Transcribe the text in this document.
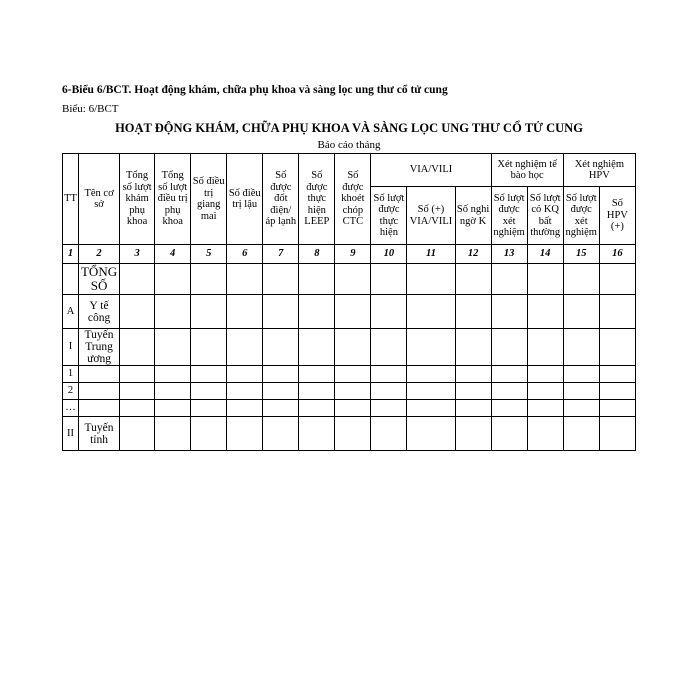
6-Biểu 6/BCT. Hoạt động khám, chữa phụ khoa và sàng lọc ung thư cổ tử cung
Biểu: 6/BCT
HOẠT ĐỘNG KHÁM, CHỮA PHỤ KHOA VÀ SÀNG LỌC UNG THƯ CỔ TỬ CUNG
Báo cáo tháng
TT	Tên cơ sở	Tổng số lượt khám phụ khoa	Tổng số lượt điều trị phụ khoa	Số điều trị giang mai	Số điều trị lậu	Số được đốt điện/ áp lạnh	Số được thực hiện LEEP	Số được khoét chóp CTC	VIA/VILI			Xét nghiệm tế bào học		Xét nghiệm HPV	
									Số lượt được thực hiện	Số (+) VIA/VILI	Số nghi ngờ K	Số lượt được xét nghiệm	Số lượt có KQ bất thường	Số lượt được xét nghiệm	Số HPV (+)
1	2	3	4	5	6	7	8	9	10	11	12	13	14	15	16
	TỔNG SỐ														
A	Y tế công														
I	Tuyến Trung ương														
1															
2															
…															
II	Tuyến tỉnh														
